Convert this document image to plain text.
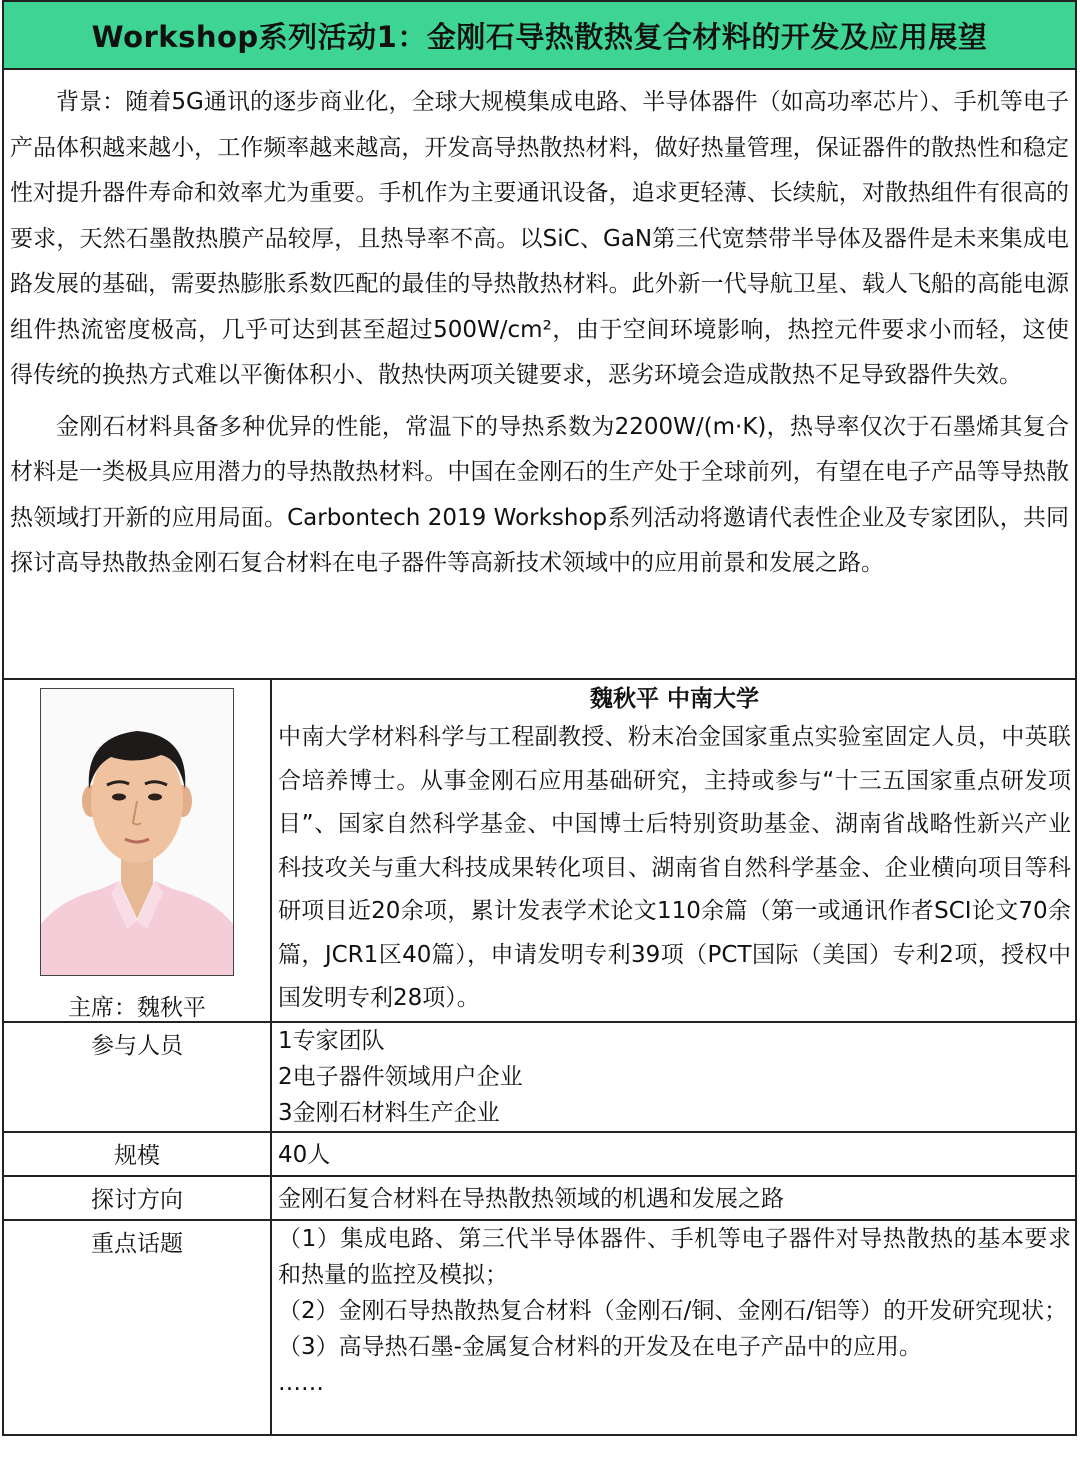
Workshop系列活动1：金刚石导热散热复合材料的开发及应用展望

背景：随着5G通讯的逐步商业化，全球大规模集成电路、半导体器件（如高功率芯片）、手机等电子产品体积越来越小，工作频率越来越高，开发高导热散热材料，做好热量管理，保证器件的散热性和稳定性对提升器件寿命和效率尤为重要。手机作为主要通讯设备，追求更轻薄、长续航，对散热组件有很高的要求，天然石墨散热膜产品较厚，且热导率不高。以SiC、GaN第三代宽禁带半导体及器件是未来集成电路发展的基础，需要热膨胀系数匹配的最佳的导热散热材料。此外新一代导航卫星、载人飞船的高能电源组件热流密度极高，几乎可达到甚至超过500W/cm²，由于空间环境影响，热控元件要求小而轻，这使得传统的换热方式难以平衡体积小、散热快两项关键要求，恶劣环境会造成散热不足导致器件失效。

金刚石材料具备多种优异的性能，常温下的导热系数为2200W/(m·K)，热导率仅次于石墨烯其复合材料是一类极具应用潜力的导热散热材料。中国在金刚石的生产处于全球前列，有望在电子产品等导热散热领域打开新的应用局面。Carbontech 2019 Workshop系列活动将邀请代表性企业及专家团队，共同探讨高导热散热金刚石复合材料在电子器件等高新技术领域中的应用前景和发展之路。

主席：魏秋平	魏秋平 中南大学
中南大学材料科学与工程副教授、粉末冶金国家重点实验室固定人员，中英联合培养博士。从事金刚石应用基础研究，主持或参与“十三五国家重点研发项目”、国家自然科学基金、中国博士后特别资助基金、湖南省战略性新兴产业科技攻关与重大科技成果转化项目、湖南省自然科学基金、企业横向项目等科研项目近20余项，累计发表学术论文110余篇（第一或通讯作者SCI论文70余篇，JCR1区40篇），申请发明专利39项（PCT国际（美国）专利2项，授权中国发明专利28项）。

参与人员	1专家团队
2电子器件领域用户企业
3金刚石材料生产企业

规模	40人
探讨方向	金刚石复合材料在导热散热领域的机遇和发展之路
重点话题	（1）集成电路、第三代半导体器件、手机等电子器件对导热散热的基本要求和热量的监控及模拟；
（2）金刚石导热散热复合材料（金刚石/铜、金刚石/铝等）的开发研究现状；
（3）高导热石墨-金属复合材料的开发及在电子产品中的应用。
……
